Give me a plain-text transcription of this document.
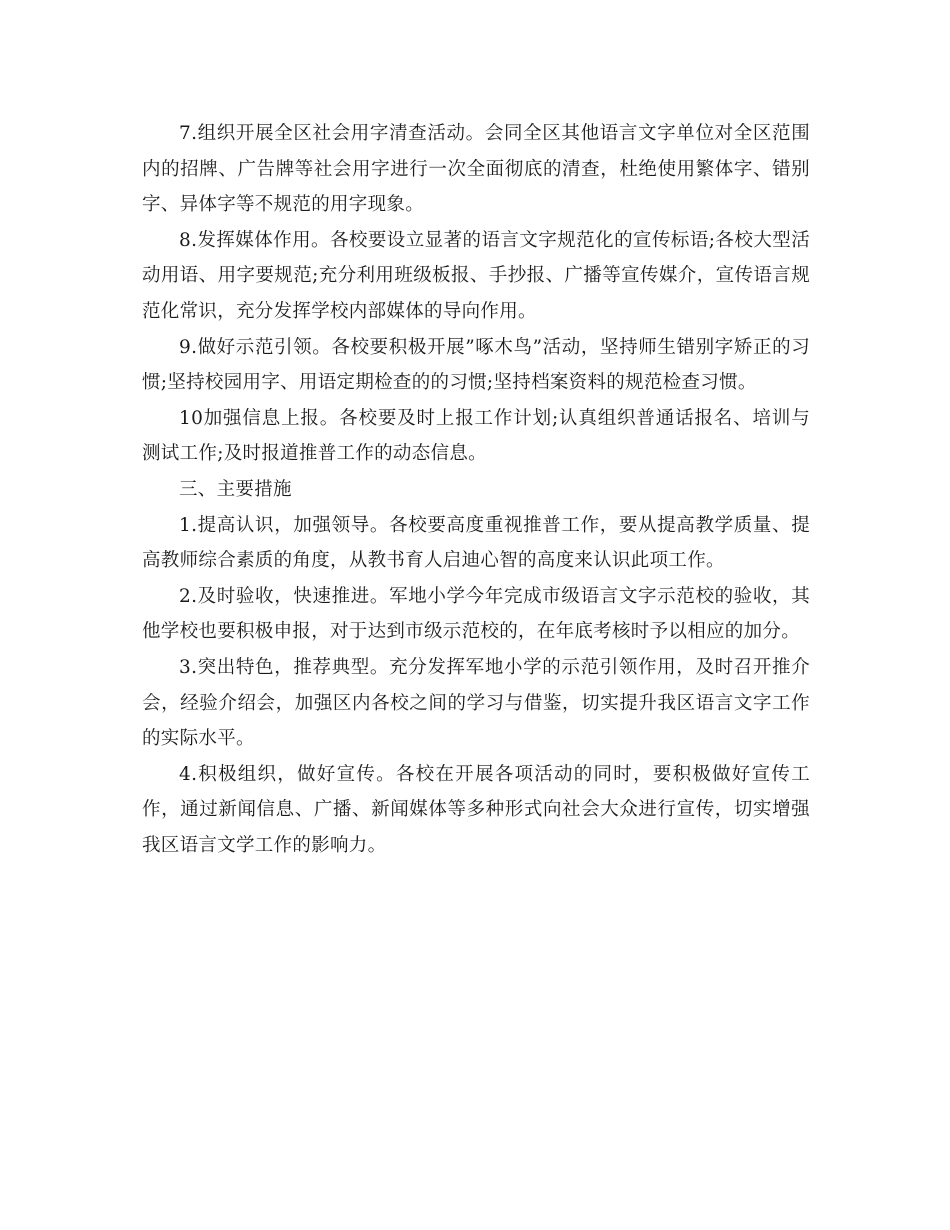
7.组织开展全区社会用字清查活动。会同全区其他语言文字单位对全区范围内的招牌、广告牌等社会用字进行一次全面彻底的清查，杜绝使用繁体字、错别字、异体字等不规范的用字现象。

8.发挥媒体作用。各校要设立显著的语言文字规范化的宣传标语;各校大型活动用语、用字要规范;充分利用班级板报、手抄报、广播等宣传媒介，宣传语言规范化常识，充分发挥学校内部媒体的导向作用。

9.做好示范引领。各校要积极开展”啄木鸟”活动，坚持师生错别字矫正的习惯;坚持校园用字、用语定期检查的的习惯;坚持档案资料的规范检查习惯。

10加强信息上报。各校要及时上报工作计划;认真组织普通话报名、培训与测试工作;及时报道推普工作的动态信息。

三、主要措施

1.提高认识，加强领导。各校要高度重视推普工作，要从提高教学质量、提高教师综合素质的角度，从教书育人启迪心智的高度来认识此项工作。

2.及时验收，快速推进。军地小学今年完成市级语言文字示范校的验收，其他学校也要积极申报，对于达到市级示范校的，在年底考核时予以相应的加分。

3.突出特色，推荐典型。充分发挥军地小学的示范引领作用，及时召开推介会，经验介绍会，加强区内各校之间的学习与借鉴，切实提升我区语言文字工作的实际水平。

4.积极组织，做好宣传。各校在开展各项活动的同时，要积极做好宣传工作，通过新闻信息、广播、新闻媒体等多种形式向社会大众进行宣传，切实增强我区语言文学工作的影响力。
